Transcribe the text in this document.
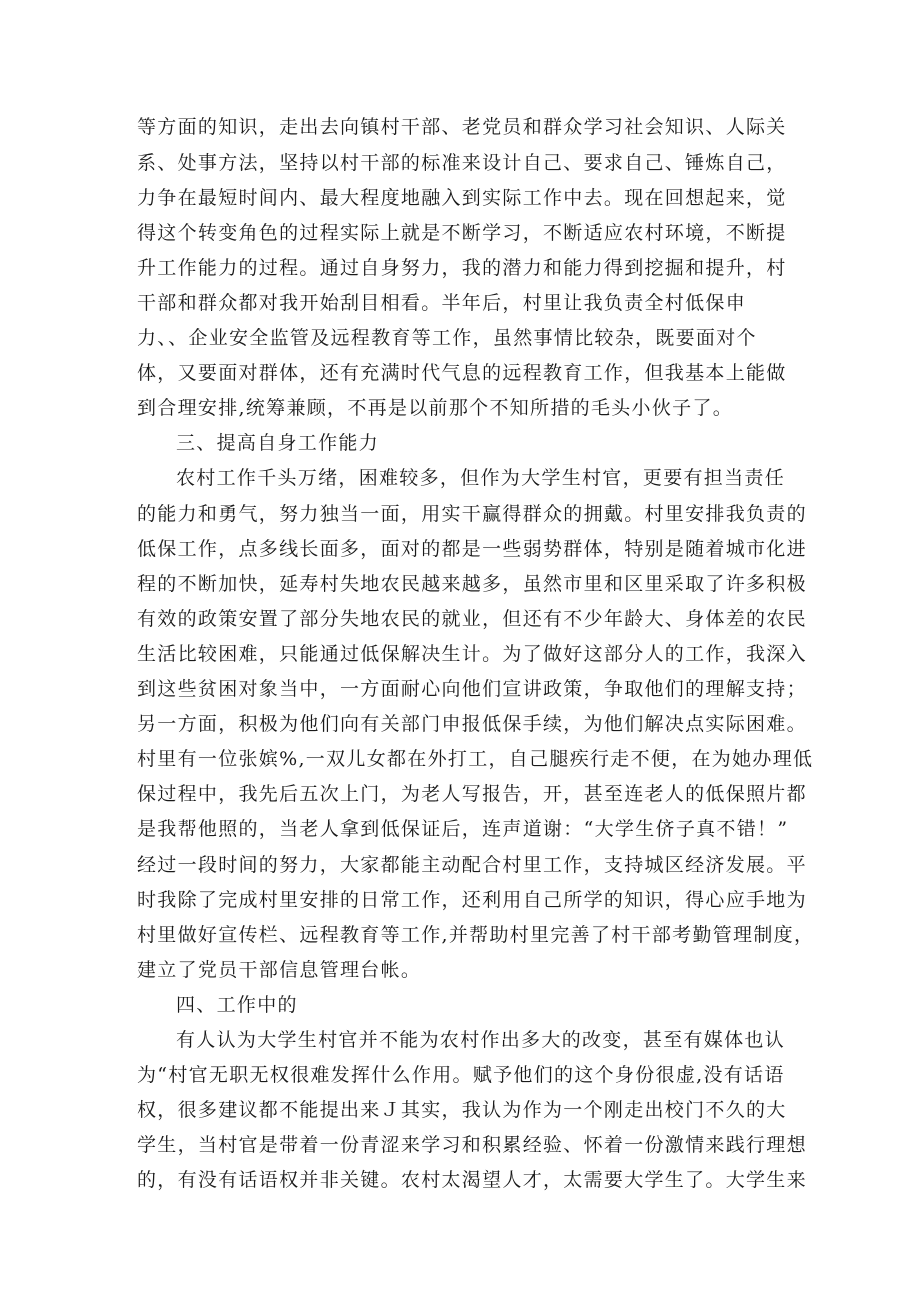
等方面的知识，走出去向镇村干部、老党员和群众学习社会知识、人际关
系、处事方法，坚持以村干部的标准来设计自己、要求自己、锤炼自己，
力争在最短时间内、最大程度地融入到实际工作中去。现在回想起来，觉
得这个转变角色的过程实际上就是不断学习，不断适应农村环境，不断提
升工作能力的过程。通过自身努力，我的潜力和能力得到挖掘和提升，村
干部和群众都对我开始刮目相看。半年后，村里让我负责全村低保申
力、、企业安全监管及远程教育等工作，虽然事情比较杂，既要面对个
体，又要面对群体，还有充满时代气息的远程教育工作，但我基本上能做
到合理安排,统筹兼顾，不再是以前那个不知所措的毛头小伙子了。
三、提高自身工作能力
农村工作千头万绪，困难较多，但作为大学生村官，更要有担当责任
的能力和勇气，努力独当一面，用实干赢得群众的拥戴。村里安排我负责的
低保工作，点多线长面多，面对的都是一些弱势群体，特别是随着城市化进
程的不断加快，延寿村失地农民越来越多，虽然市里和区里采取了许多积极
有效的政策安置了部分失地农民的就业，但还有不少年龄大、身体差的农民
生活比较困难，只能通过低保解决生计。为了做好这部分人的工作，我深入
到这些贫困对象当中，一方面耐心向他们宣讲政策，争取他们的理解支持；
另一方面，积极为他们向有关部门申报低保手续，为他们解决点实际困难。
村里有一位张嫔%,一双儿女都在外打工，自己腿疾行走不便，在为她办理低
保过程中，我先后五次上门，为老人写报告，开，甚至连老人的低保照片都
是我帮他照的，当老人拿到低保证后，连声道谢：“大学生侪子真不错！”
经过一段时间的努力，大家都能主动配合村里工作，支持城区经济发展。平
时我除了完成村里安排的日常工作，还利用自己所学的知识，得心应手地为
村里做好宣传栏、远程教育等工作,并帮助村里完善了村干部考勤管理制度，
建立了党员干部信息管理台帐。
四、工作中的
有人认为大学生村官并不能为农村作出多大的改变，甚至有媒体也认
为“村官无职无权很难发挥什么作用。赋予他们的这个身份很虚,没有话语
权，很多建议都不能提出来Ｊ其实，我认为作为一个刚走出校门不久的大
学生，当村官是带着一份青涩来学习和积累经验、怀着一份激情来践行理想
的，有没有话语权并非关键。农村太渴望人才，太需要大学生了。大学生来
